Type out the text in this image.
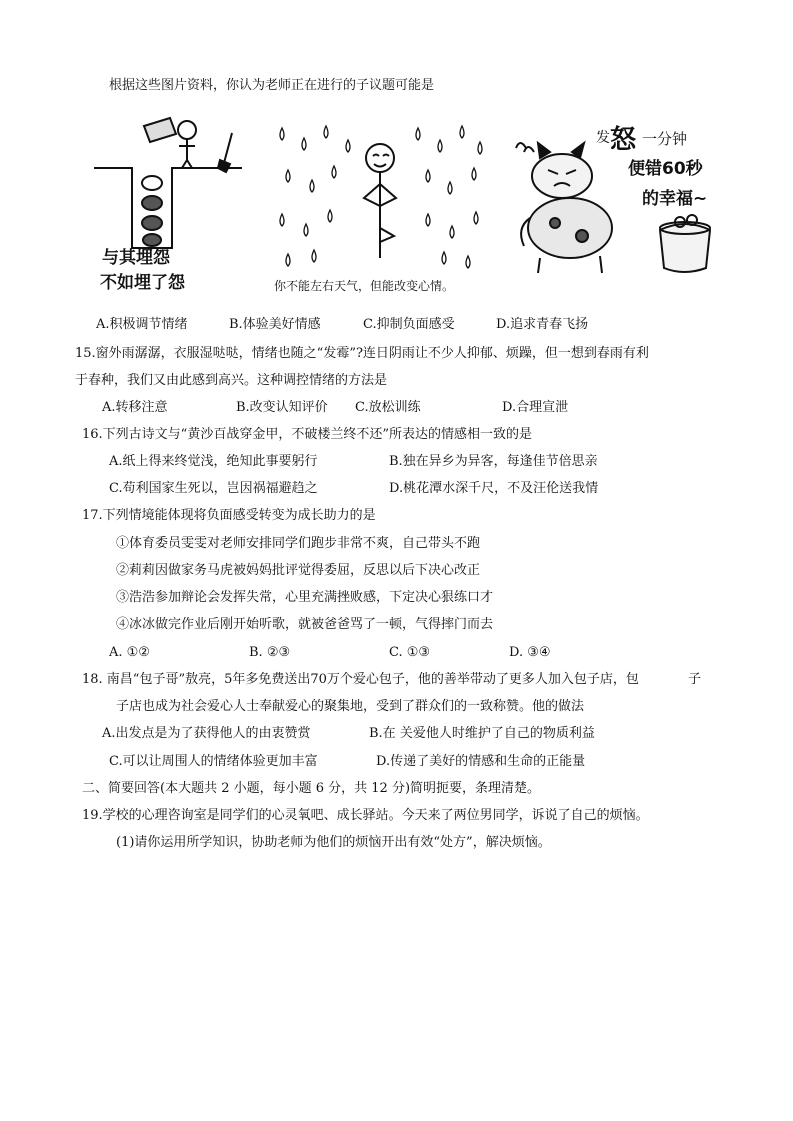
根据这些图片资料，你认为老师正在进行的子议题可能是
与其埋怨
不如埋了怨	你不能左右天气，但能改变心情。
发 怒 一分钟
便错60秒
的幸福~
A.积极调节情绪	B.体验美好情感	C.抑制负面感受	D.追求青春飞扬
15.窗外雨潺潺，衣服湿哒哒，情绪也随之“发霉”?连日阴雨让不少人抑郁、烦躁，但一想到春雨有利
于春种，我们又由此感到高兴。这种调控情绪的方法是
A.转移注意	B.改变认知评价 C.放松训练	D.合理宣泄
16.下列古诗文与“黄沙百战穿金甲，不破楼兰终不还”所表达的情感相一致的是
A.纸上得来终觉浅，绝知此事要躬行	B.独在异乡为异客，每逢佳节倍思亲
C.苟利国家生死以，岂因祸福避趋之	D.桃花潭水深千尺，不及汪伦送我情
17.下列情境能体现将负面感受转变为成长助力的是
①体育委员雯雯对老师安排同学们跑步非常不爽，自己带头不跑
②莉莉因做家务马虎被妈妈批评觉得委屈，反思以后下决心改正
③浩浩参加辩论会发挥失常，心里充满挫败感，下定决心狠练口才
④冰冰做完作业后刚开始听歌，就被爸爸骂了一顿，气得摔门而去
A. ①②	B. ②③	C. ①③	D. ③④
18. 南昌“包子哥”敖亮，5年多免费送出70万个爱心包子，他的善举带动了更多人加入包子店，包	子
子店也成为社会爱心人士奉献爱心的聚集地，受到了群众们的一致称赞。他的做法
A.出发点是为了获得他人的由衷赞赏	B.在 关爱他人时维护了自己的物质利益
C.可以让周围人的情绪体验更加丰富	D.传递了美好的情感和生命的正能量
二、简要回答(本大题共 2 小题，每小题 6 分，共 12 分)简明扼要，条理清楚。
19.学校的心理咨询室是同学们的心灵氧吧、成长驿站。今天来了两位男同学，诉说了自己的烦恼。
(1)请你运用所学知识，协助老师为他们的烦恼开出有效“处方”，解决烦恼。
